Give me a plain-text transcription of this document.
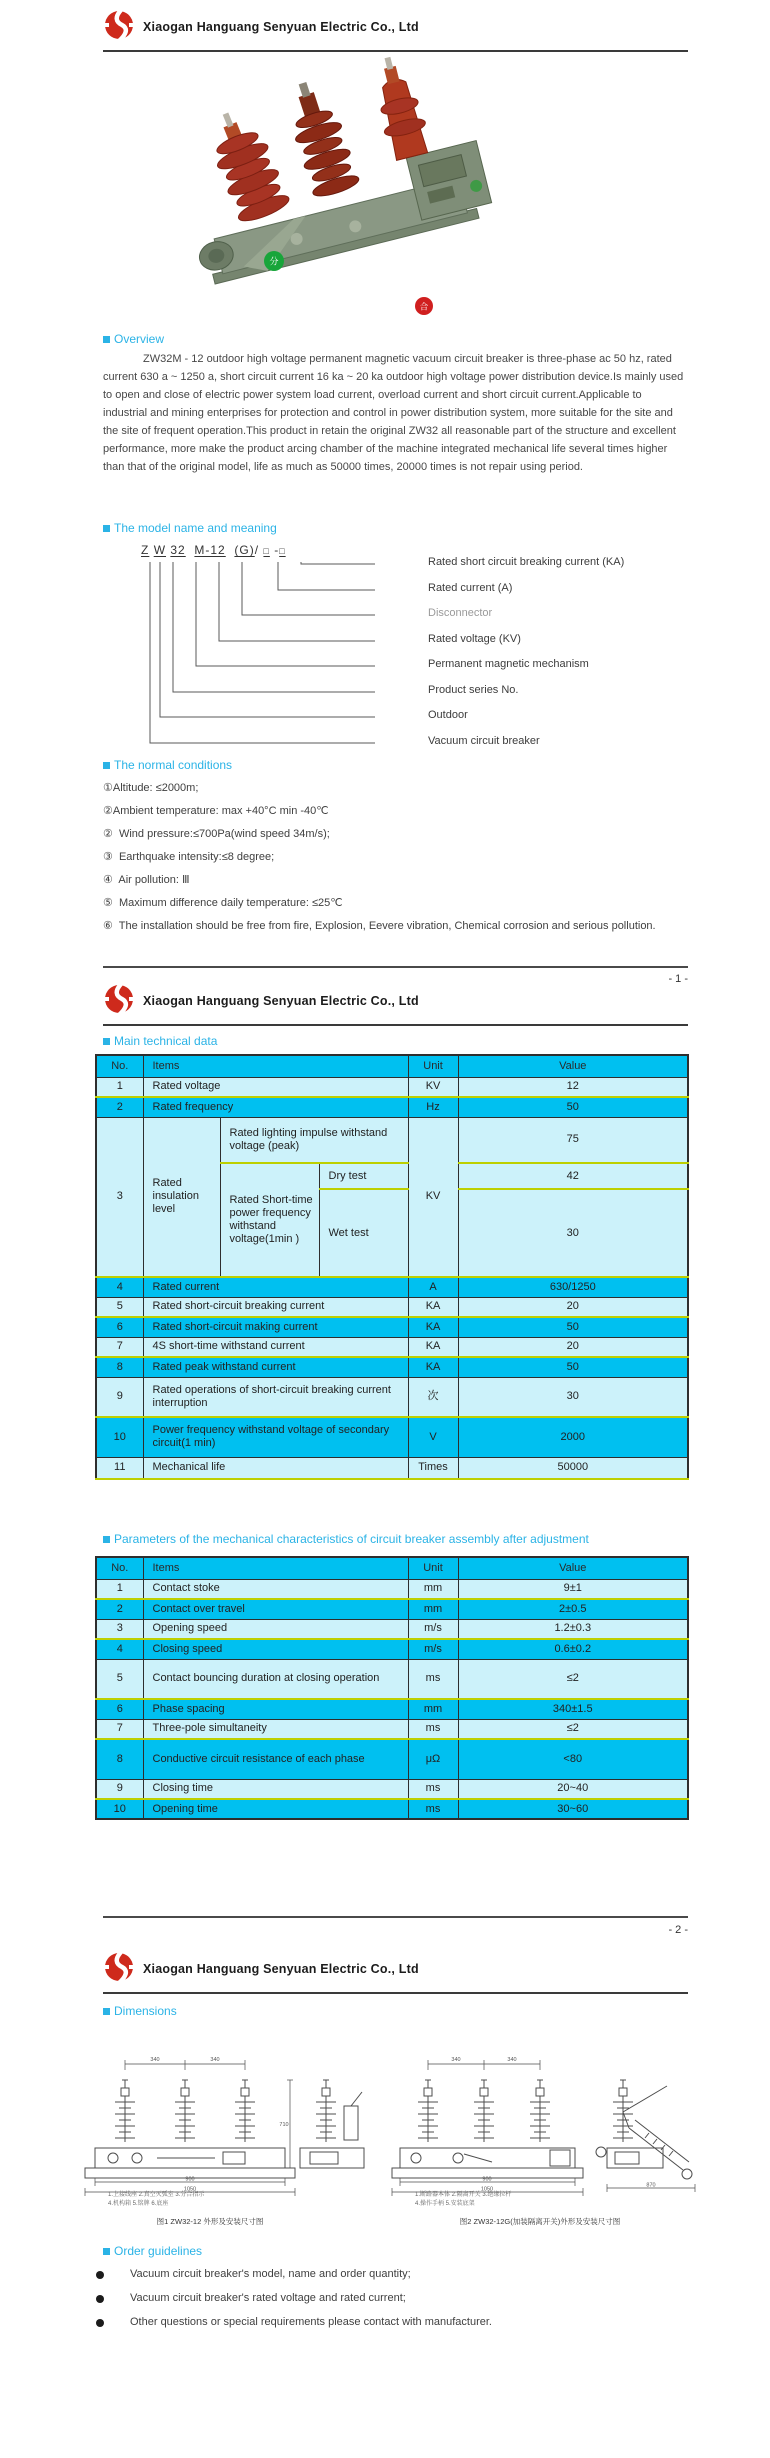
Xiaogan Hanguang Senyuan Electric Co., Ltd
分
合
Overview
ZW32M - 12 outdoor high voltage permanent magnetic vacuum circuit breaker is three-phase ac 50 hz, rated current 630 a ~ 1250 a, short circuit current 16 ka ~ 20 ka outdoor high voltage power distribution device.Is mainly used to open and close of electric power system load current, overload current and short circuit current.Applicable to industrial and mining enterprises for protection and control in power distribution system, more suitable for the site and the site of frequent operation.This product in retain the original ZW32 all reasonable part of the structure and excellent performance, more make the product arcing chamber of the machine integrated mechanical life several times higher than that of the original model, life as much as 50000 times, 20000 times is not repair using period.
The model name and meaning
Z W 32 M-12 (G)/ □ -□
Rated short circuit breaking current (KA)
Rated current (A)
Disconnector
Rated voltage (KV)
Permanent magnetic mechanism
Product series No.
Outdoor
Vacuum circuit breaker
The normal conditions
①Altitude: ≤2000m;
②Ambient temperature: max +40°C min -40℃
②  Wind pressure:≤700Pa(wind speed 34m/s);
③  Earthquake intensity:≤8 degree;
④  Air pollution: Ⅲ
⑤  Maximum difference daily temperature: ≤25℃
⑥  The installation should be free from fire, Explosion, Eevere vibration, Chemical corrosion and serious pollution.
- 1 -
Xiaogan Hanguang Senyuan Electric Co., Ltd
Main technical data
No.	Items			Unit	Value
1	Rated voltage			KV	12
2	Rated frequency			Hz	50
3	Rated insulation level	Rated lighting impulse withstand voltage (peak)		KV	75
		Rated Short-time power frequency withstand voltage(1min )	Dry test		42
			Wet test		30
4	Rated current			A	630/1250
5	Rated short-circuit breaking current			KA	20
6	Rated short-circuit making current			KA	50
7	4S short-time withstand current			KA	20
8	Rated peak withstand current			KA	50
9	Rated operations of short-circuit breaking current interruption			次	30
10	Power frequency withstand voltage of secondary circuit(1 min)			V	2000
11	Mechanical life			Times	50000
Parameters of the mechanical characteristics of circuit breaker assembly after adjustment
No.	Items	Unit	Value
1	Contact stoke	mm	9±1
2	Contact over travel	mm	2±0.5
3	Opening speed	m/s	1.2±0.3
4	Closing speed	m/s	0.6±0.2
5	Contact bouncing duration at closing operation	ms	≤2
6	Phase spacing	mm	340±1.5
7	Three-pole simultaneity	ms	≤2
8	Conductive circuit resistance of each phase	μΩ	<80
9	Closing time	ms	20~40
10	Opening time	ms	30~60
- 2 -
Xiaogan Hanguang Senyuan Electric Co., Ltd
Dimensions
340	340
900
1050
710
340	340
900
1050
870
1.上接线座 2.真空灭弧室 3.分合指示
4.机构箱 5.铭牌 6.底座
1.断路器本体 2.隔离开关 3.绝缘拉杆
4.操作手柄 5.安装底架
图1 ZW32-12 外形及安装尺寸图	图2 ZW32-12G(加装隔离开关)外形及安装尺寸图
Order guidelines
Vacuum circuit breaker's model, name and order quantity;
Vacuum circuit breaker's rated voltage and rated current;
Other questions or special requirements please contact with manufacturer.
